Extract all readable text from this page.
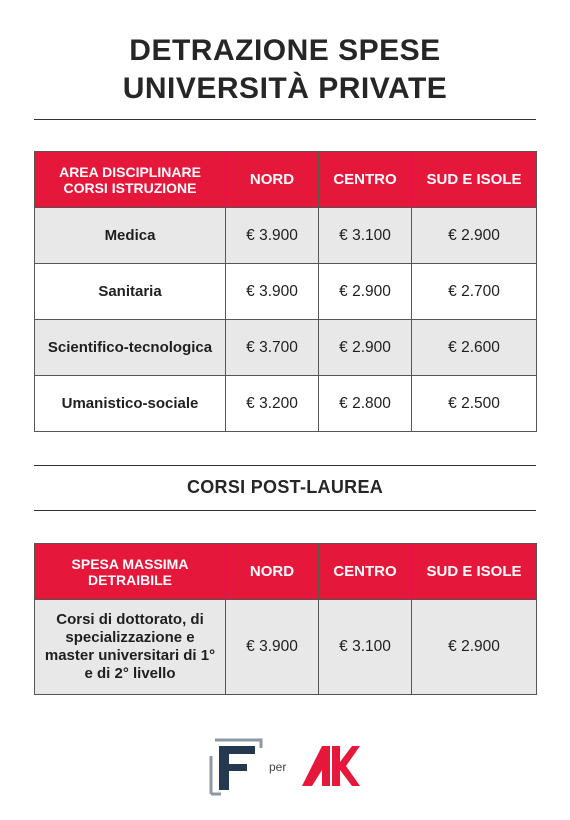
DETRAZIONE SPESE
UNIVERSITÀ PRIVATE
AREA DISCIPLINARE CORSI ISTRUZIONE	NORD	CENTRO	SUD E ISOLE
Medica	€ 3.900	€ 3.100	€ 2.900
Sanitaria	€ 3.900	€ 2.900	€ 2.700
Scientifico-tecnologica	€ 3.700	€ 2.900	€ 2.600
Umanistico-sociale	€ 3.200	€ 2.800	€ 2.500
CORSI POST-LAUREA
SPESA MASSIMA DETRAIBILE	NORD	CENTRO	SUD E ISOLE
Corsi di dottorato, di specializzazione e master universitari di 1° e di 2° livello	€ 3.900	€ 3.100	€ 2.900
per
